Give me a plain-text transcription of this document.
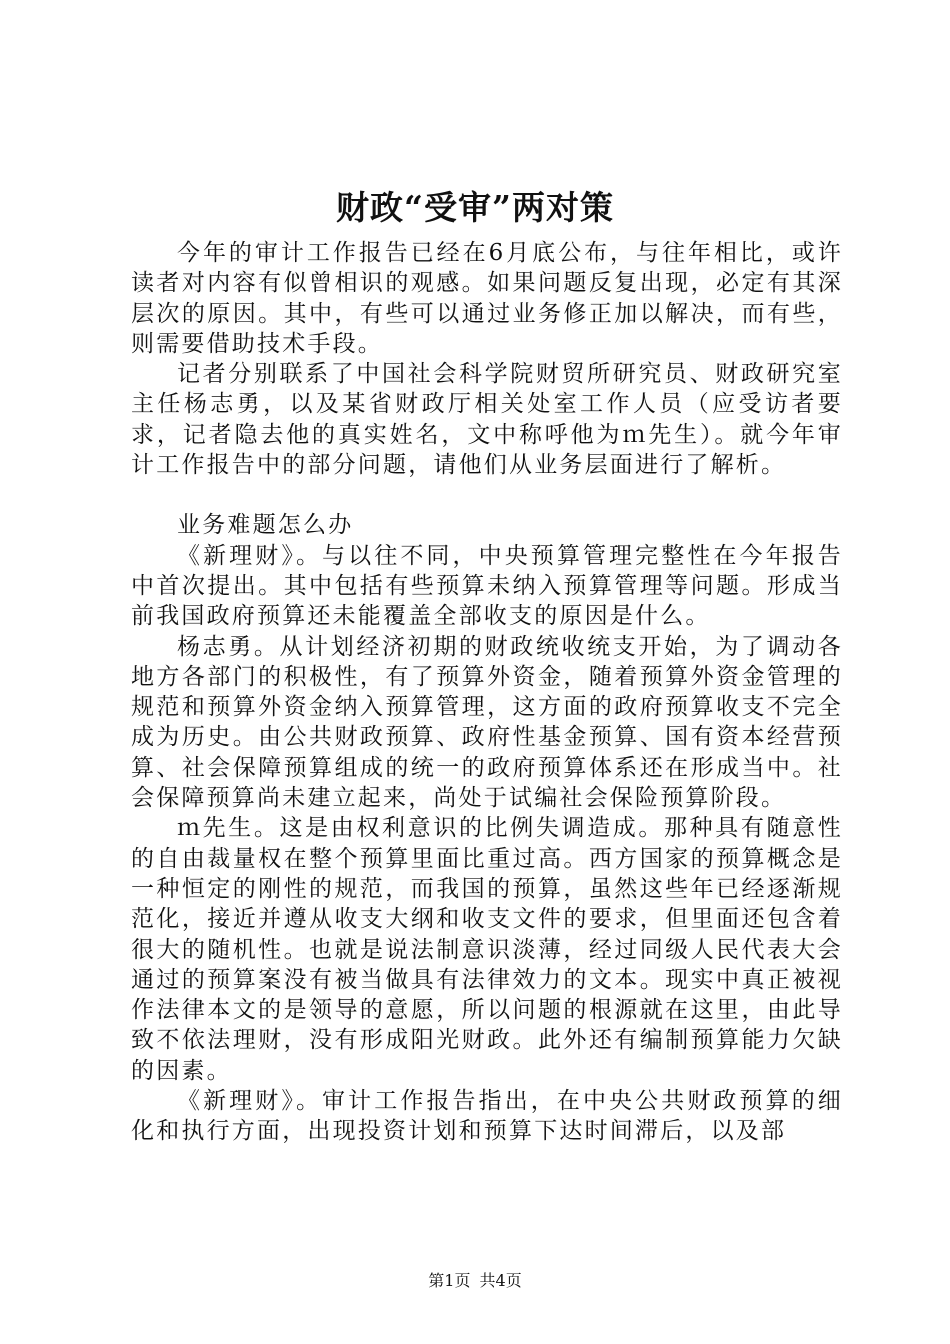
财政“受审”两对策

今年的审计工作报告已经在6月底公布，与往年相比，或许读者对内容有似曾相识的观感。如果问题反复出现，必定有其深层次的原因。其中，有些可以通过业务修正加以解决，而有些，则需要借助技术手段。

记者分别联系了中国社会科学院财贸所研究员、财政研究室主任杨志勇，以及某省财政厅相关处室工作人员（应受访者要求，记者隐去他的真实姓名，文中称呼他为ｍ先生）。就今年审计工作报告中的部分问题，请他们从业务层面进行了解析。

业务难题怎么办

《新理财》。与以往不同，中央预算管理完整性在今年报告中首次提出。其中包括有些预算未纳入预算管理等问题。形成当前我国政府预算还未能覆盖全部收支的原因是什么。

杨志勇。从计划经济初期的财政统收统支开始，为了调动各地方各部门的积极性，有了预算外资金，随着预算外资金管理的规范和预算外资金纳入预算管理，这方面的政府预算收支不完全成为历史。由公共财政预算、政府性基金预算、国有资本经营预算、社会保障预算组成的统一的政府预算体系还在形成当中。社会保障预算尚未建立起来，尚处于试编社会保险预算阶段。

ｍ先生。这是由权利意识的比例失调造成。那种具有随意性的自由裁量权在整个预算里面比重过高。西方国家的预算概念是一种恒定的刚性的规范，而我国的预算，虽然这些年已经逐渐规范化，接近并遵从收支大纲和收支文件的要求，但里面还包含着很大的随机性。也就是说法制意识淡薄，经过同级人民代表大会通过的预算案没有被当做具有法律效力的文本。现实中真正被视作法律本文的是领导的意愿，所以问题的根源就在这里，由此导致不依法理财，没有形成阳光财政。此外还有编制预算能力欠缺的因素。

《新理财》。审计工作报告指出，在中央公共财政预算的细化和执行方面，出现投资计划和预算下达时间滞后，以及部

第1页 共4页
